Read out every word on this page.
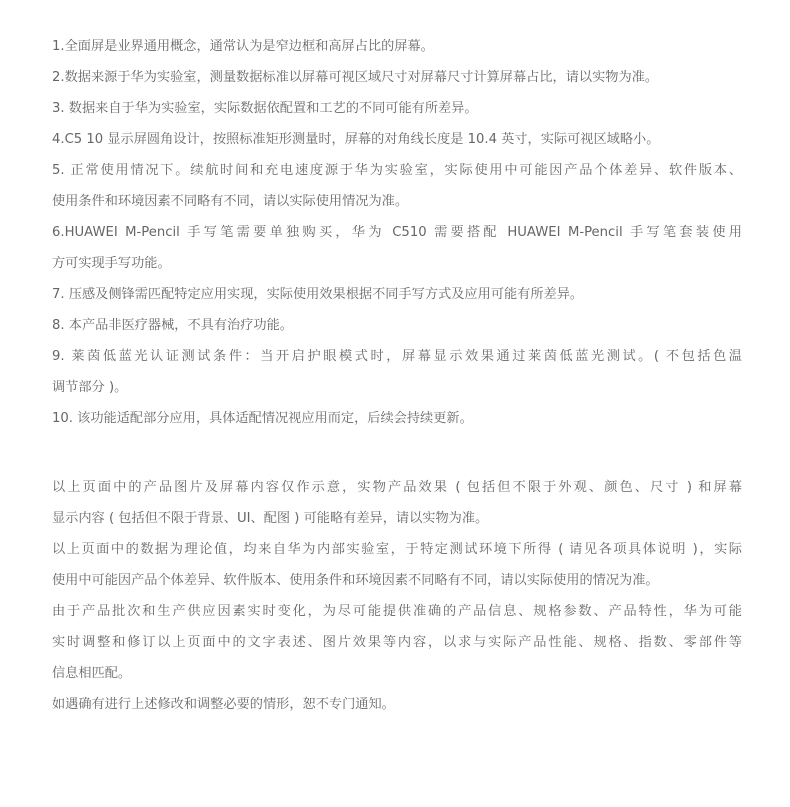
1.全面屏是业界通用概念，通常认为是窄边框和高屏占比的屏幕。
2.数据来源于华为实验室，测量数据标准以屏幕可视区域尺寸对屏幕尺寸计算屏幕占比，请以实物为准。
3. 数据来自于华为实验室，实际数据依配置和工艺的不同可能有所差异。
4.C5 10 显示屏圆角设计，按照标准矩形测量时，屏幕的对角线长度是 10.4 英寸，实际可视区域略小。
5. 正常使用情况下。续航时间和充电速度源于华为实验室，实际使用中可能因产品个体差异、软件版本、
使用条件和环境因素不同略有不同，请以实际使用情况为准。
6.HUAWEI M-Pencil 手写笔需要单独购买，华为 C510 需要搭配 HUAWEI M-Pencil 手写笔套装使用
方可实现手写功能。
7. 压感及侧锋需匹配特定应用实现，实际使用效果根据不同手写方式及应用可能有所差异。
8. 本产品非医疗器械，不具有治疗功能。
9. 莱茵低蓝光认证测试条件：当开启护眼模式时，屏幕显示效果通过莱茵低蓝光测试。( 不包括色温
调节部分 )。
10. 该功能适配部分应用，具体适配情况视应用而定，后续会持续更新。
以上页面中的产品图片及屏幕内容仅作示意，实物产品效果 ( 包括但不限于外观、颜色、尺寸 ) 和屏幕
显示内容 ( 包括但不限于背景、UI、配图 ) 可能略有差异，请以实物为准。
以上页面中的数据为理论值，均来自华为内部实验室，于特定测试环境下所得 ( 请见各项具体说明 )，实际
使用中可能因产品个体差异、软件版本、使用条件和环境因素不同略有不同，请以实际使用的情况为准。
由于产品批次和生产供应因素实时变化，为尽可能提供准确的产品信息、规格参数、产品特性，华为可能
实时调整和修订以上页面中的文字表述、图片效果等内容，以求与实际产品性能、规格、指数、零部件等
信息相匹配。
如遇确有进行上述修改和调整必要的情形，恕不专门通知。
